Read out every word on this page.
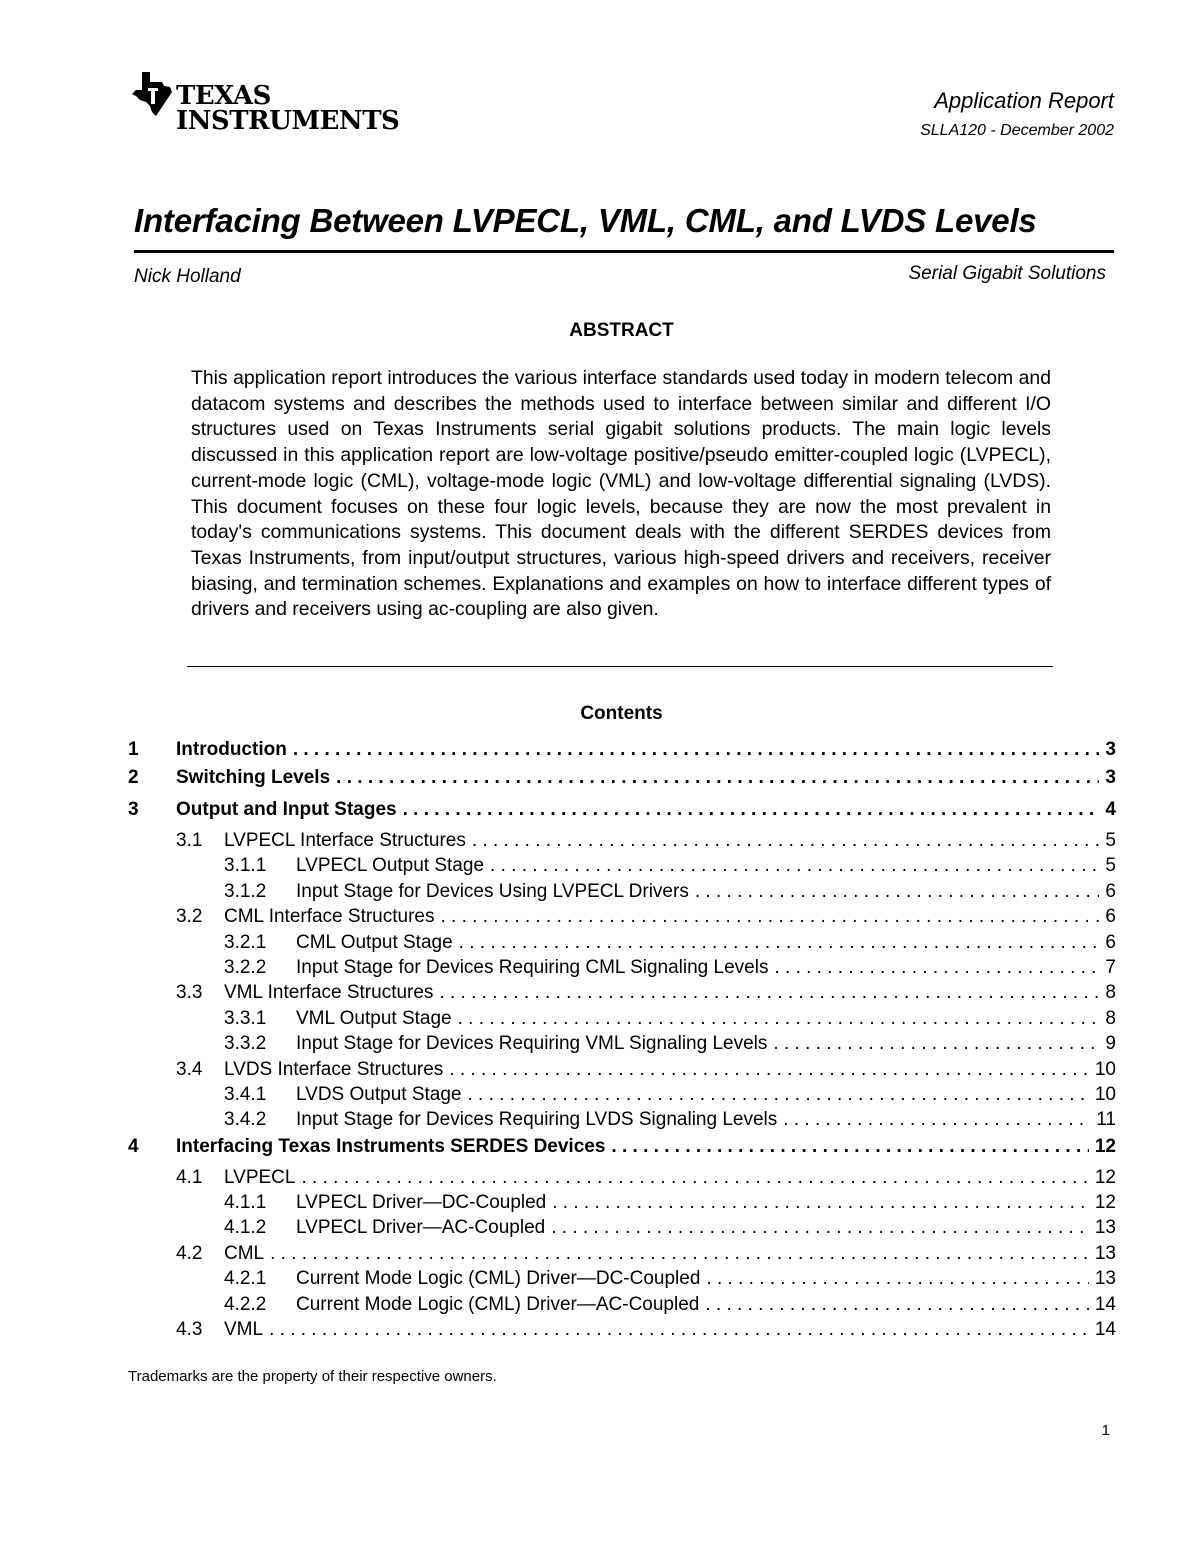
TEXAS
INSTRUMENTS
Application Report
SLLA120 - December 2002
Interfacing Between LVPECL, VML, CML, and LVDS Levels
Nick Holland	Serial Gigabit Solutions
ABSTRACT
This application report introduces the various interface standards used today in modern telecom and datacom systems and describes the methods used to interface between similar and different I/O structures used on Texas Instruments serial gigabit solutions products. The main logic levels discussed in this application report are low-voltage positive/pseudo emitter-coupled logic (LVPECL), current-mode logic (CML), voltage-mode logic (VML) and low-voltage differential signaling (LVDS). This document focuses on these four logic levels, because they are now the most prevalent in today's communications systems. This document deals with the different SERDES devices from Texas Instruments, from input/output structures, various high-speed drivers and receivers, receiver biasing, and termination schemes. Explanations and examples on how to interface different types of drivers and receivers using ac-coupling are also given.
Contents
1	Introduction . . .	3
2	Switching Levels . . .	3
3	Output and Input Stages . . .	4
3.1	LVPECL Interface Structures . . .	5
3.1.1	LVPECL Output Stage . . .	5
3.1.2	Input Stage for Devices Using LVPECL Drivers . . .	6
3.2	CML Interface Structures . . .	6
3.2.1	CML Output Stage . . .	6
3.2.2	Input Stage for Devices Requiring CML Signaling Levels . . .	7
3.3	VML Interface Structures . . .	8
3.3.1	VML Output Stage . . .	8
3.3.2	Input Stage for Devices Requiring VML Signaling Levels . . .	9
3.4	LVDS Interface Structures . . .	10
3.4.1	LVDS Output Stage . . .	10
3.4.2	Input Stage for Devices Requiring LVDS Signaling Levels . . .	11
4	Interfacing Texas Instruments SERDES Devices . . .	12
4.1	LVPECL . . .	12
4.1.1	LVPECL Driver—DC-Coupled . . .	12
4.1.2	LVPECL Driver—AC-Coupled . . .	13
4.2	CML . . .	13
4.2.1	Current Mode Logic (CML) Driver—DC-Coupled . . .	13
4.2.2	Current Mode Logic (CML) Driver—AC-Coupled . . .	14
4.3	VML . . .	14
Trademarks are the property of their respective owners.
1
